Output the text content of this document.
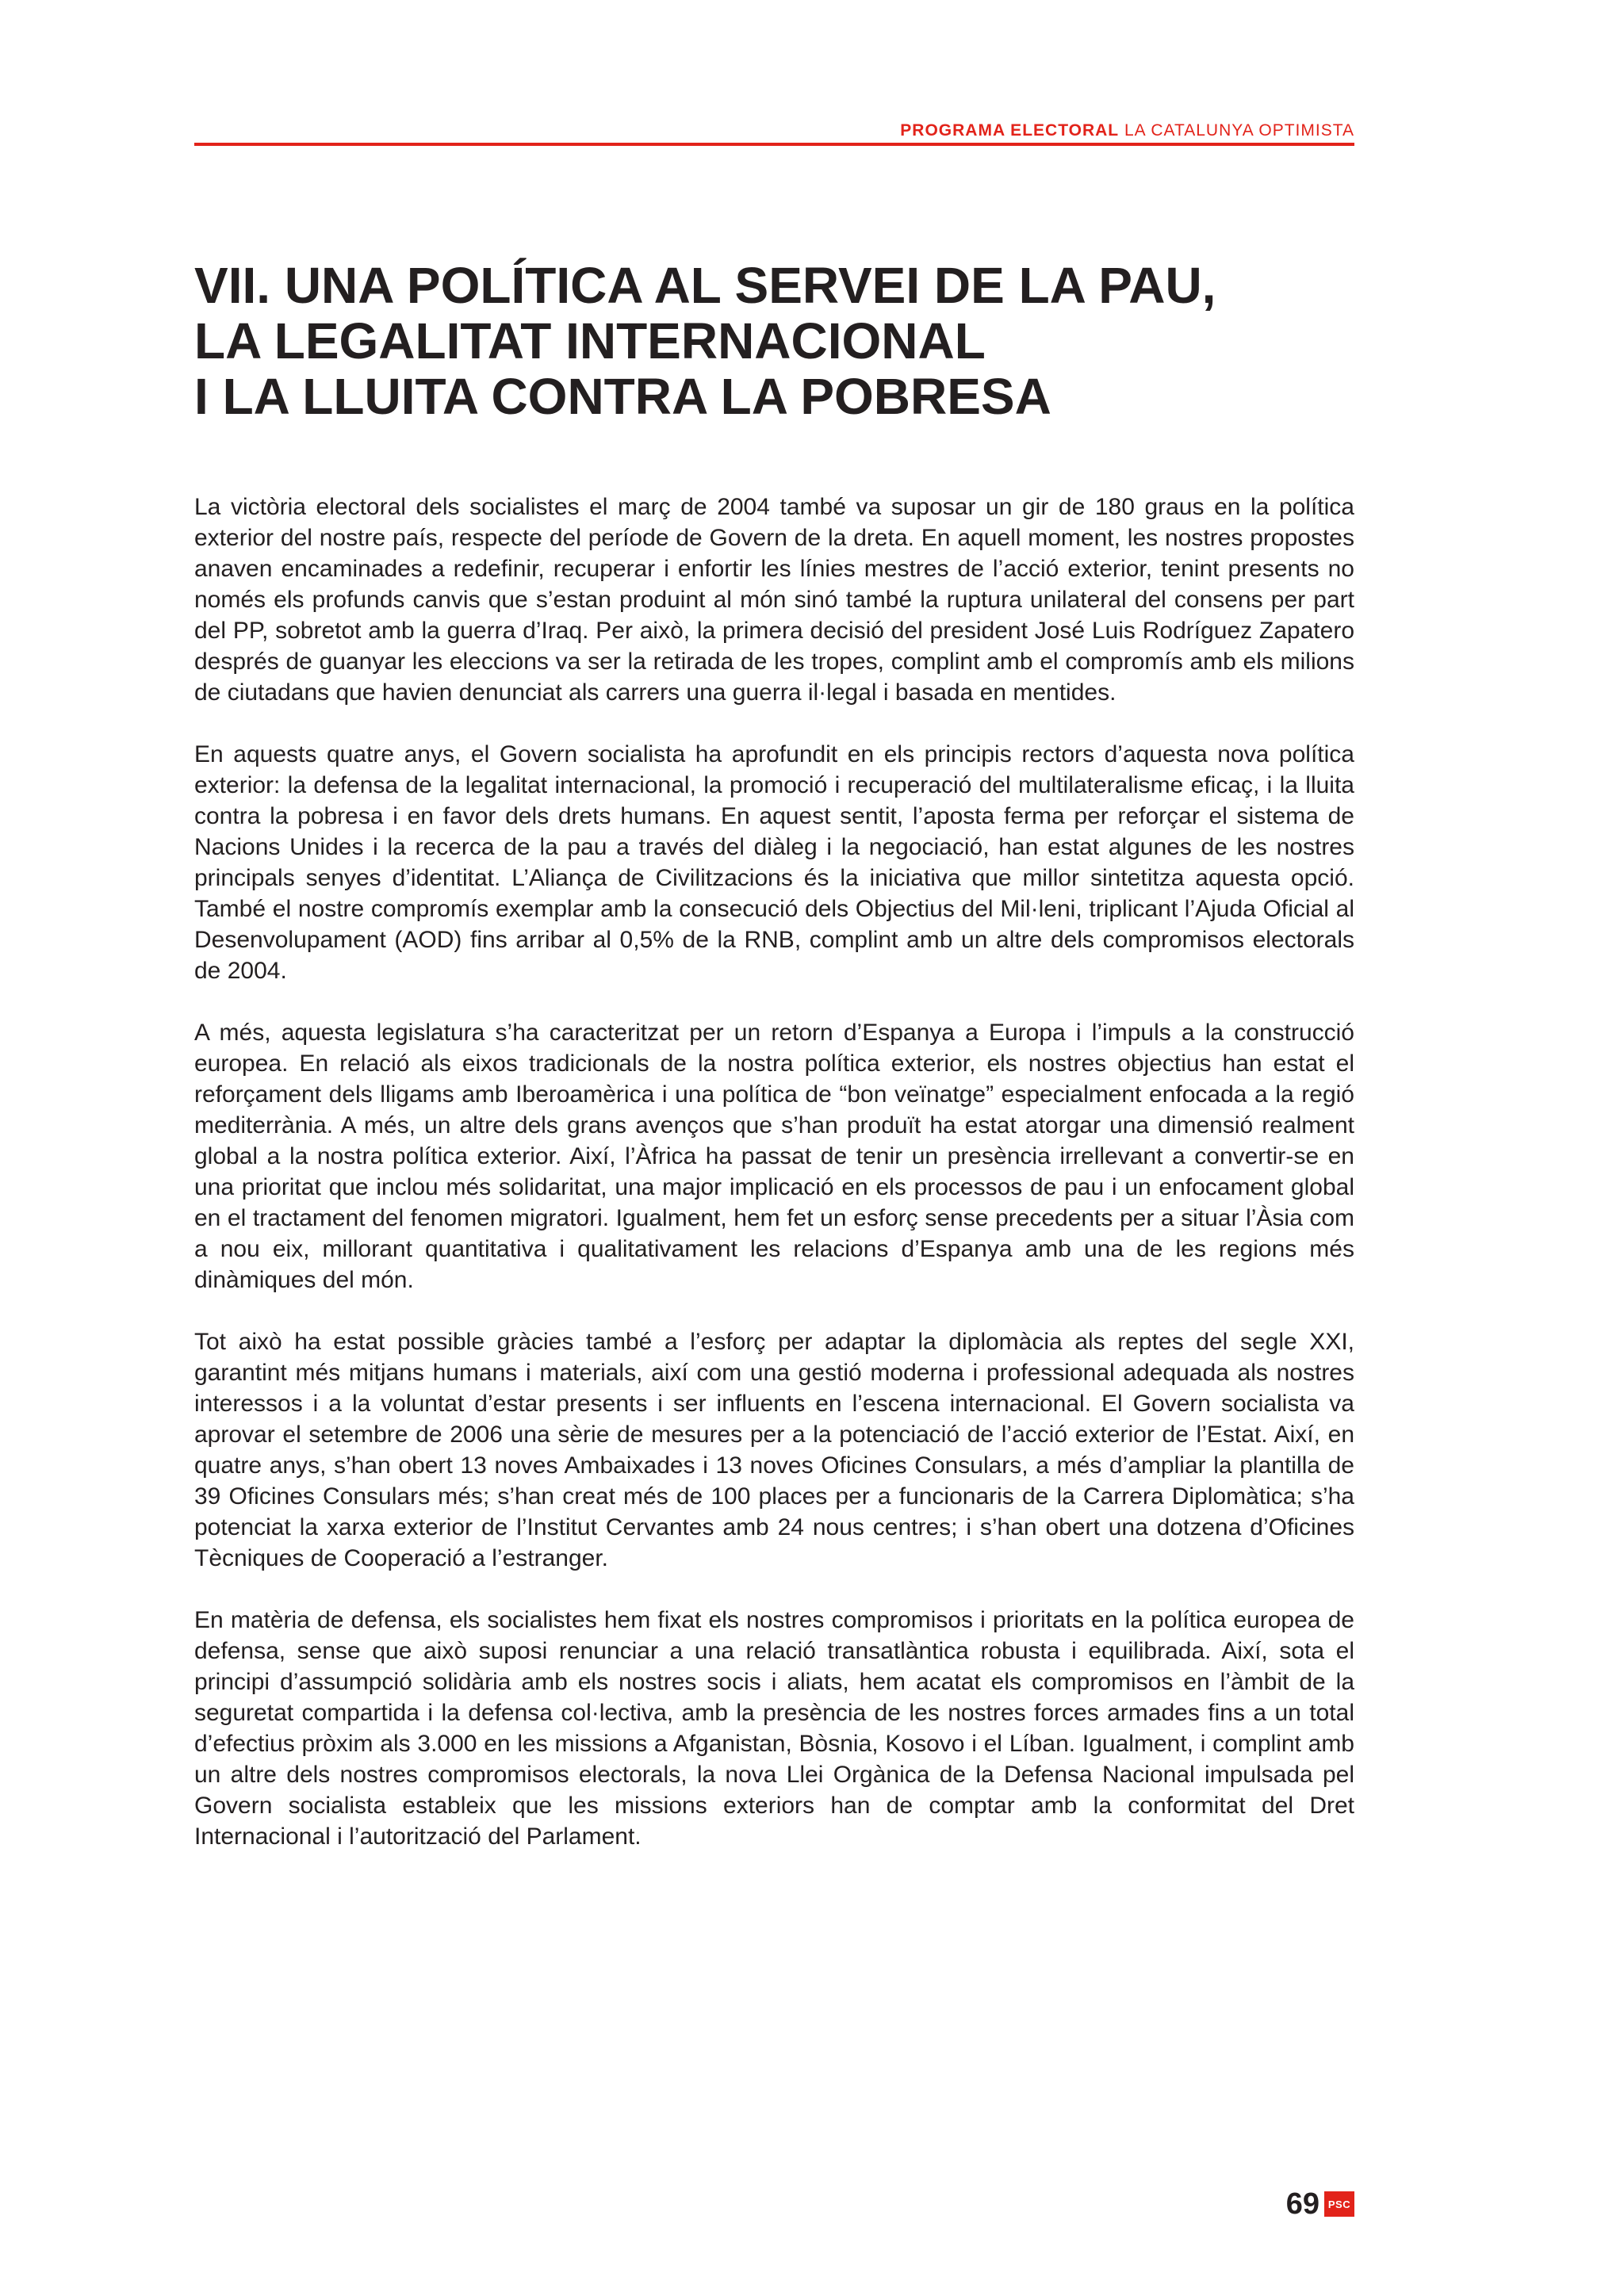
PROGRAMA ELECTORAL LA CATALUNYA OPTIMISTA
VII. UNA POLÍTICA AL SERVEI DE LA PAU,
LA LEGALITAT INTERNACIONAL
I LA LLUITA CONTRA LA POBRESA

La victòria electoral dels socialistes el març de 2004 també va suposar un gir de 180 graus en la política exterior del nostre país, respecte del període de Govern de la dreta. En aquell moment, les nostres propostes anaven encaminades a redefinir, recuperar i enfortir les línies mestres de l’acció exterior, tenint presents no només els profunds canvis que s’estan produint al món sinó també la ruptura unilateral del consens per part del PP, sobretot amb la guerra d’Iraq. Per això, la primera decisió del president José Luis Rodríguez Zapatero després de guanyar les eleccions va ser la retirada de les tropes, complint amb el compromís amb els milions de ciutadans que havien denunciat als carrers una guerra il·legal i basada en mentides.

En aquests quatre anys, el Govern socialista ha aprofundit en els principis rectors d’aquesta nova política exterior: la defensa de la legalitat internacional, la promoció i recuperació del multilateralisme eficaç, i la lluita contra la pobresa i en favor dels drets humans. En aquest sentit, l’aposta ferma per reforçar el sistema de Nacions Unides i la recerca de la pau a través del diàleg i la negociació, han estat algunes de les nostres principals senyes d’identitat. L’Aliança de Civilitzacions és la iniciativa que millor sintetitza aquesta opció. També el nostre compromís exemplar amb la consecució dels Objectius del Mil·leni, triplicant l’Ajuda Oficial al Desenvolupament (AOD) fins arribar al 0,5% de la RNB, complint amb un altre dels compromisos electorals de 2004.

A més, aquesta legislatura s’ha caracteritzat per un retorn d’Espanya a Europa i l’impuls a la construcció europea. En relació als eixos tradicionals de la nostra política exterior, els nostres objectius han estat el reforçament dels lligams amb Iberoamèrica i una política de “bon veïnatge” especialment enfocada a la regió mediterrània. A més, un altre dels grans avenços que s’han produït ha estat atorgar una dimensió realment global a la nostra política exterior. Així, l’Àfrica ha passat de tenir un presència irrellevant a convertir-se en una prioritat que inclou més solidaritat, una major implicació en els processos de pau i un enfocament global en el tractament del fenomen migratori. Igualment, hem fet un esforç sense precedents per a situar l’Àsia com a nou eix, millorant quantitativa i qualitativament les relacions d’Espanya amb una de les regions més dinàmiques del món.

Tot això ha estat possible gràcies també a l’esforç per adaptar la diplomàcia als reptes del segle XXI, garantint més mitjans humans i materials, així com una gestió moderna i professional adequada als nostres interessos i a la voluntat d’estar presents i ser influents en l’escena internacional. El Govern socialista va aprovar el setembre de 2006 una sèrie de mesures per a la potenciació de l’acció exterior de l’Estat. Així, en quatre anys, s’han obert 13 noves Ambaixades i 13 noves Oficines Consulars, a més d’ampliar la plantilla de 39 Oficines Consulars més; s’han creat més de 100 places per a funcionaris de la Carrera Diplomàtica; s’ha potenciat la xarxa exterior de l’Institut Cervantes amb 24 nous centres; i s’han obert una dotzena d’Oficines Tècniques de Cooperació a l’estranger.

En matèria de defensa, els socialistes hem fixat els nostres compromisos i prioritats en la política europea de defensa, sense que això suposi renunciar a una relació transatlàntica robusta i equilibrada. Així, sota el principi d’assumpció solidària amb els nostres socis i aliats, hem acatat els compromisos en l’àmbit de la seguretat compartida i la defensa col·lectiva, amb la presència de les nostres forces armades fins a un total d’efectius pròxim als 3.000 en les missions a Afganistan, Bòsnia, Kosovo i el Líban. Igualment, i complint amb un altre dels nostres compromisos electorals, la nova Llei Orgànica de la Defensa Nacional impulsada pel Govern socialista estableix que les missions exteriors han de comptar amb la conformitat del Dret Internacional i l’autorització del Parlament.

69 PSC
